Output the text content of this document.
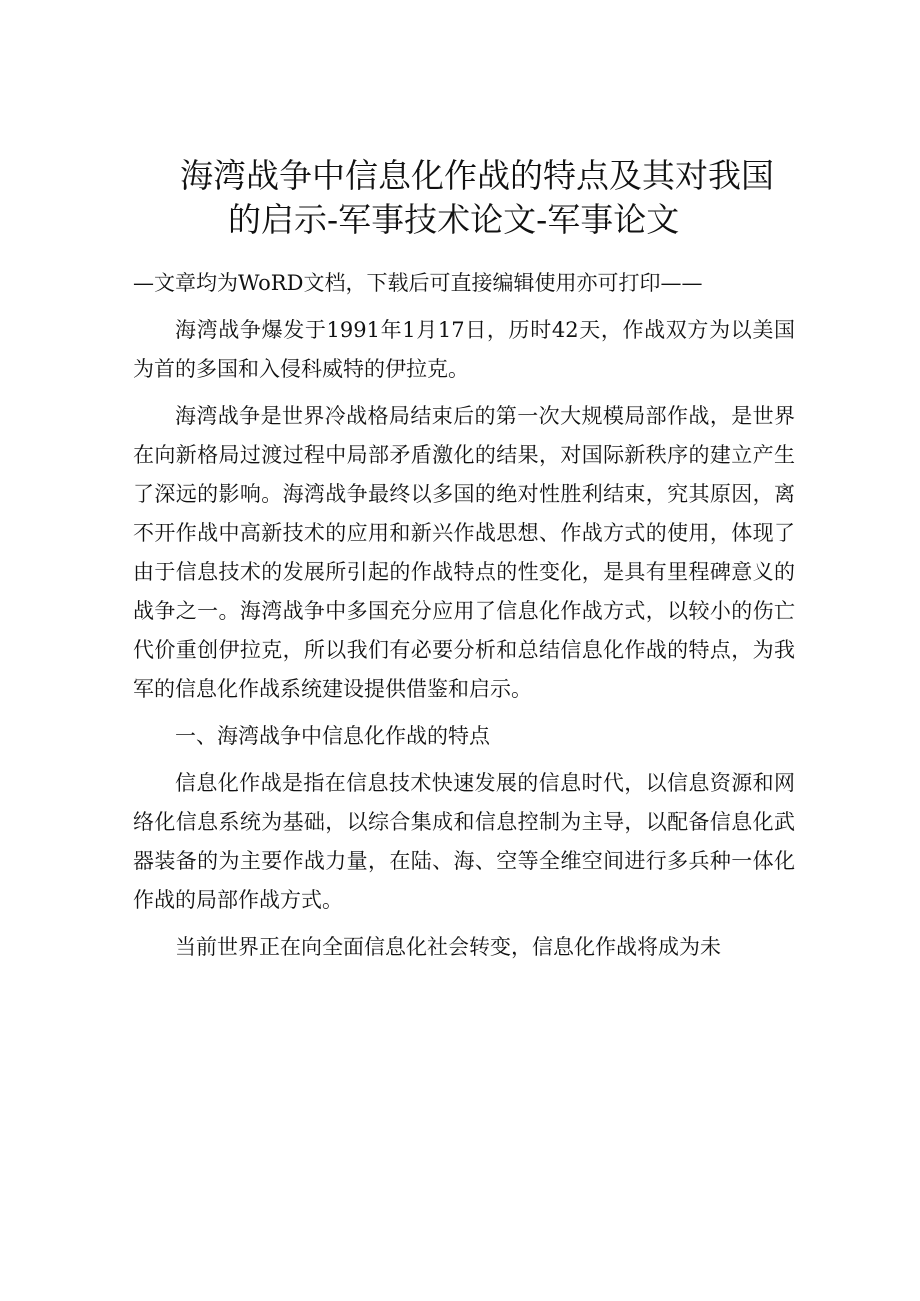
海湾战争中信息化作战的特点及其对我国
的启示-军事技术论文-军事论文

—文章均为WoRD文档，下载后可直接编辑使用亦可打印——

海湾战争爆发于1991年1月17日，历时42天，作战双方为以美国为首的多国和入侵科威特的伊拉克。

海湾战争是世界冷战格局结束后的第一次大规模局部作战，是世界在向新格局过渡过程中局部矛盾激化的结果，对国际新秩序的建立产生了深远的影响。海湾战争最终以多国的绝对性胜利结束，究其原因，离不开作战中高新技术的应用和新兴作战思想、作战方式的使用，体现了由于信息技术的发展所引起的作战特点的性变化，是具有里程碑意义的战争之一。海湾战争中多国充分应用了信息化作战方式，以较小的伤亡代价重创伊拉克，所以我们有必要分析和总结信息化作战的特点，为我军的信息化作战系统建设提供借鉴和启示。

一、海湾战争中信息化作战的特点

信息化作战是指在信息技术快速发展的信息时代，以信息资源和网络化信息系统为基础，以综合集成和信息控制为主导，以配备信息化武器装备的为主要作战力量，在陆、海、空等全维空间进行多兵种一体化作战的局部作战方式。

当前世界正在向全面信息化社会转变，信息化作战将成为未
